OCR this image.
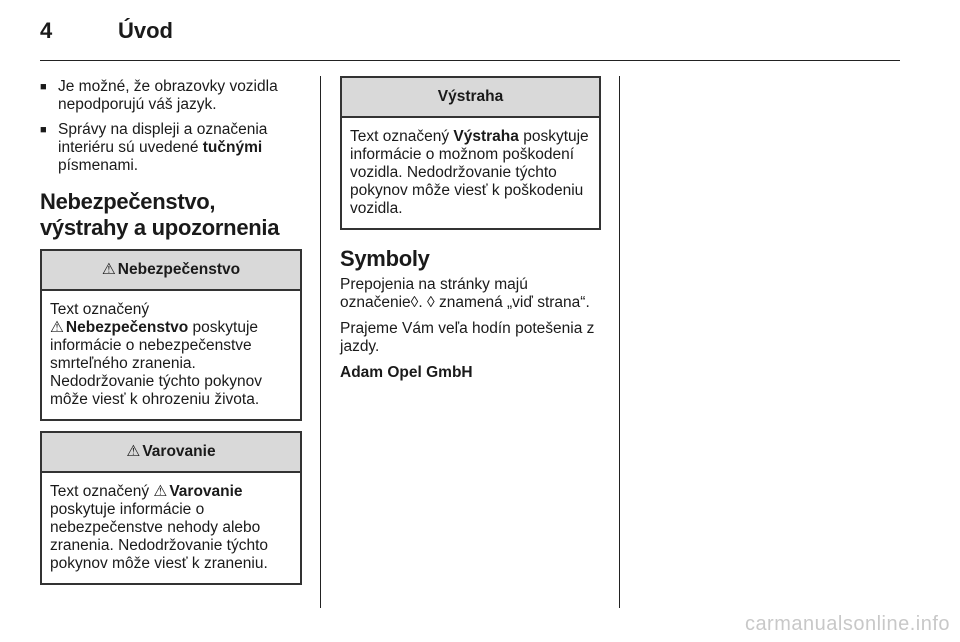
4	Úvod
■ Je možné, že obrazovky vozidla nepodporujú váš jazyk.
■ Správy na displeji a označenia interiéru sú uvedené tučnými písmenami.
Nebezpečenstvo, výstrahy a upozornenia
⚠ Nebezpečenstvo
Text označený
⚠ Nebezpečenstvo poskytuje informácie o nebezpečenstve smrteľného zranenia. Nedodržovanie týchto pokynov môže viesť k ohrozeniu života.
⚠ Varovanie
Text označený ⚠ Varovanie poskytuje informácie o nebezpečenstve nehody alebo zranenia. Nedodržovanie týchto pokynov môže viesť k zraneniu.
Výstraha
Text označený Výstraha poskytuje informácie o možnom poškodení vozidla. Nedodržovanie týchto pokynov môže viesť k poškodeniu vozidla.
Symboly

Prepojenia na stránky majú označenie◊. ◊ znamená „viď strana“.

Prajeme Vám veľa hodín potešenia z jazdy.

Adam Opel GmbH

carmanualsonline.info
